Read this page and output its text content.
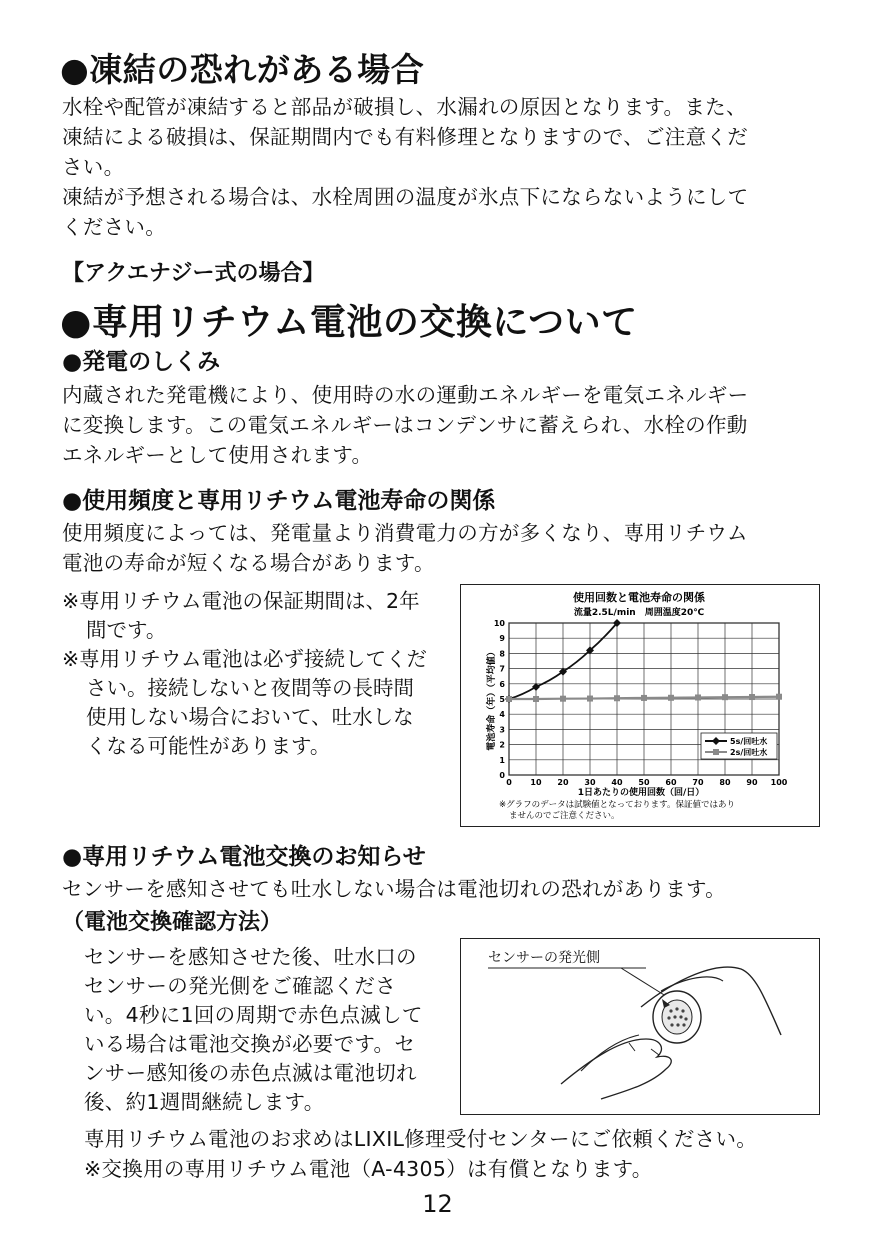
●凍結の恐れがある場合

水栓や配管が凍結すると部品が破損し、水漏れの原因となります。また、

凍結による破損は、保証期間内でも有料修理となりますので、ご注意くだ

さい。

凍結が予想される場合は、水栓周囲の温度が氷点下にならないようにして

ください。

【アクエナジー式の場合】
●専用リチウム電池の交換について
●発電のしくみ

内蔵された発電機により、使用時の水の運動エネルギーを電気エネルギー

に変換します。この電気エネルギーはコンデンサに蓄えられ、水栓の作動

エネルギーとして使用されます。

●使用頻度と専用リチウム電池寿命の関係

使用頻度によっては、発電量より消費電力の方が多くなり、専用リチウム

電池の寿命が短くなる場合があります。

※専用リチウム電池の保証期間は、2年間です。

※専用リチウム電池は必ず接続してください。接続しないと夜間等の長時間使用しない場合において、吐水しなくなる可能性があります。

使用回数と電池寿命の関係
流量2.5L/min　周囲温度20℃
0 10 20 30 40 50 60 70 80 90 100
0
1
2
3
4
5
6
7
8
9
10
1日あたりの使用回数（回/日）
電池寿命（年）（平均値）	5s/回吐水
2s/回吐水
※グラフのデータは試験値となっております。保証値ではあり
ませんのでご注意ください。
●専用リチウム電池交換のお知らせ
センサーを感知させても吐水しない場合は電池切れの恐れがあります。
（電池交換確認方法）
センサーを感知させた後、吐水口のセンサーの発光側をご確認ください。4秒に1回の周期で赤色点滅している場合は電池交換が必要です。センサー感知後の赤色点滅は電池切れ後、約1週間継続します。
センサーの発光側
専用リチウム電池のお求めはLIXIL修理受付センターにご依頼ください。
※交換用の専用リチウム電池（A-4305）は有償となります。
12
